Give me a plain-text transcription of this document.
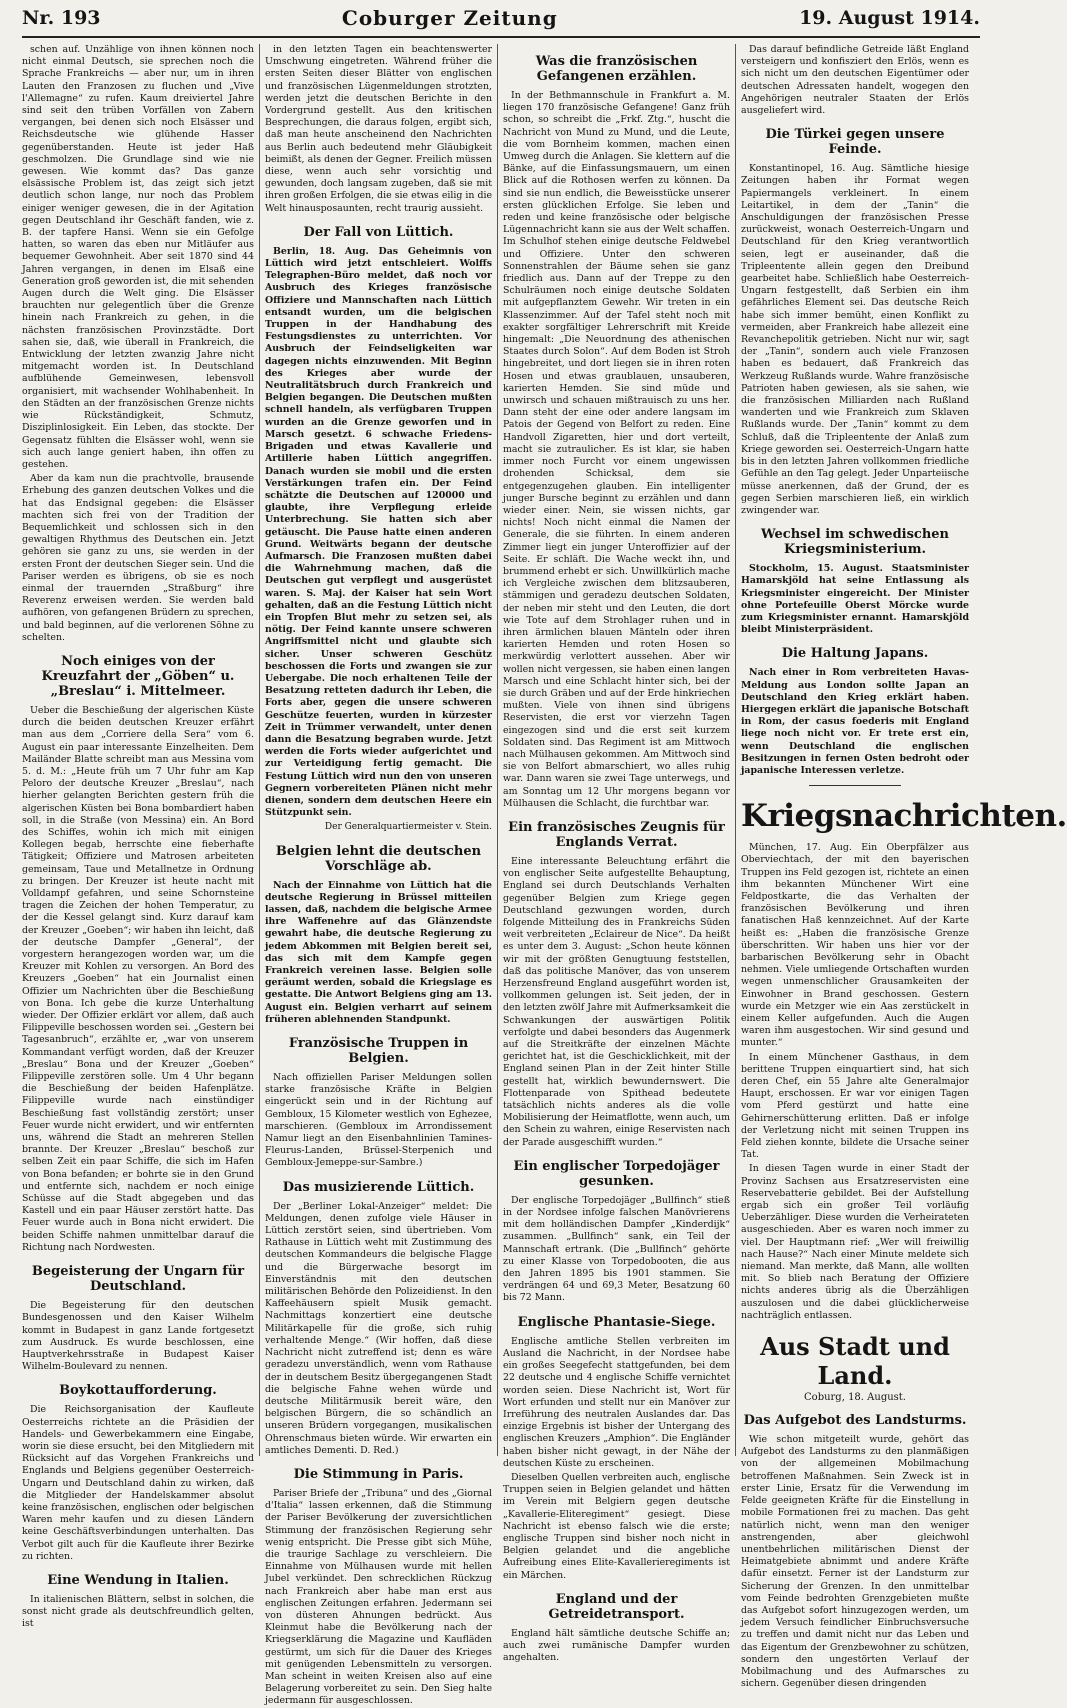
Nr. 193	Coburger Zeitung	19. August 1914.

schen auf. Unzählige von ihnen können noch nicht einmal Deutsch, sie sprechen noch die Sprache Frankreichs — aber nur, um in ihren Lauten den Franzosen zu fluchen und „Vive l'Allemagne“ zu rufen. Kaum dreiviertel Jahre sind seit den trüben Vorfällen von Zabern vergangen, bei denen sich noch Elsässer und Reichsdeutsche wie glühende Hasser gegenüberstanden. Heute ist jeder Haß geschmolzen. Die Grundlage sind wie nie gewesen. Wie kommt das? Das ganze elsässische Problem ist, das zeigt sich jetzt deutlich schon lange, nur noch das Problem einiger weniger gewesen, die in der Agitation gegen Deutschland ihr Geschäft fanden, wie z. B. der tapfere Hansi. Wenn sie ein Gefolge hatten, so waren das eben nur Mitläufer aus bequemer Gewohnheit. Aber seit 1870 sind 44 Jahren vergangen, in denen im Elsaß eine Generation groß geworden ist, die mit sehenden Augen durch die Welt ging. Die Elsässer brauchten nur gelegentlich über die Grenze hinein nach Frankreich zu gehen, in die nächsten französischen Provinzstädte. Dort sahen sie, daß, wie überall in Frankreich, die Entwicklung der letzten zwanzig Jahre nicht mitgemacht worden ist. In Deutschland aufblühende Gemeinwesen, lebensvoll organisiert, mit wachsender Wohlhabenheit. In den Städten an der französischen Grenze nichts wie Rückständigkeit, Schmutz, Disziplinlosigkeit. Ein Leben, das stockte. Der Gegensatz fühlten die Elsässer wohl, wenn sie sich auch lange geniert haben, ihn offen zu gestehen.

Aber da kam nun die prachtvolle, brausende Erhebung des ganzen deutschen Volkes und die hat das Endsignal gegeben: die Elsässer machten sich frei von der Tradition der Bequemlichkeit und schlossen sich in den gewaltigen Rhythmus des Deutschen ein. Jetzt gehören sie ganz zu uns, sie werden in der ersten Front der deutschen Sieger sein. Und die Pariser werden es übrigens, ob sie es noch einmal der trauernden „Straßburg“ ihre Reverenz erweisen werden. Sie werden bald aufhören, von gefangenen Brüdern zu sprechen, und bald beginnen, auf die verlorenen Söhne zu schelten.

Noch einiges von der Kreuzfahrt der „Göben“ u. „Breslau“ i. Mittelmeer.

Ueber die Beschießung der algerischen Küste durch die beiden deutschen Kreuzer erfährt man aus dem „Corriere della Sera“ vom 6. August ein paar interessante Einzelheiten. Dem Mailänder Blatte schreibt man aus Messina vom 5. d. M.: „Heute früh um 7 Uhr fuhr am Kap Peloro der deutsche Kreuzer „Breslau“, nach hierher gelangten Berichten gestern früh die algerischen Küsten bei Bona bombardiert haben soll, in die Straße (von Messina) ein. An Bord des Schiffes, wohin ich mich mit einigen Kollegen begab, herrschte eine fieberhafte Tätigkeit; Offiziere und Matrosen arbeiteten gemeinsam, Taue und Metallnetze in Ordnung zu bringen. Der Kreuzer ist heute nacht mit Volldampf gefahren, und seine Schornsteine tragen die Zeichen der hohen Temperatur, zu der die Kessel gelangt sind. Kurz darauf kam der Kreuzer „Goeben“; wir haben ihn leicht, daß der deutsche Dampfer „General“, der vorgestern herangezogen worden war, um die Kreuzer mit Kohlen zu versorgen. An Bord des Kreuzers „Goeben“ hat ein Journalist einen Offizier um Nachrichten über die Beschießung von Bona. Ich gebe die kurze Unterhaltung wieder. Der Offizier erklärt vor allem, daß auch Filippeville beschossen worden sei. „Gestern bei Tagesanbruch“, erzählte er, „war von unserem Kommandant verfügt worden, daß der Kreuzer „Breslau“ Bona und der Kreuzer „Goeben“ Filippeville zerstören solle. Um 4 Uhr begann die Beschießung der beiden Hafenplätze. Filippeville wurde nach einstündiger Beschießung fast vollständig zerstört; unser Feuer wurde nicht erwidert, und wir entfernten uns, während die Stadt an mehreren Stellen brannte. Der Kreuzer „Breslau“ beschoß zur selben Zeit ein paar Schiffe, die sich im Hafen von Bona befanden; er bohrte sie in den Grund und entfernte sich, nachdem er noch einige Schüsse auf die Stadt abgegeben und das Kastell und ein paar Häuser zerstört hatte. Das Feuer wurde auch in Bona nicht erwidert. Die beiden Schiffe nahmen unmittelbar darauf die Richtung nach Nordwesten.

Begeisterung der Ungarn für Deutschland.

Die Begeisterung für den deutschen Bundesgenossen und den Kaiser Wilhelm kommt in Budapest in ganz Lande fortgesetzt zum Ausdruck. Es wurde beschlossen, eine Hauptverkehrsstraße in Budapest Kaiser Wilhelm-Boulevard zu nennen.

Boykottaufforderung.

Die Reichsorganisation der Kaufleute Oesterreichs richtete an die Präsidien der Handels- und Gewerbekammern eine Eingabe, worin sie diese ersucht, bei den Mitgliedern mit Rücksicht auf das Vorgehen Frankreichs und Englands und Belgiens gegenüber Oesterreich-Ungarn und Deutschland dahin zu wirken, daß die Mitglieder der Handelskammer absolut keine französischen, englischen oder belgischen Waren mehr kaufen und zu diesen Ländern keine Geschäftsverbindungen unterhalten. Das Verbot gilt auch für die Kaufleute ihrer Bezirke zu richten.

Eine Wendung in Italien.

In italienischen Blättern, selbst in solchen, die sonst nicht grade als deutschfreundlich gelten, ist

in den letzten Tagen ein beachtenswerter Umschwung eingetreten. Während früher die ersten Seiten dieser Blätter von englischen und französischen Lügenmeldungen strotzten, werden jetzt die deutschen Berichte in den Vordergrund gestellt. Aus den kritischen Besprechungen, die daraus folgen, ergibt sich, daß man heute anscheinend den Nachrichten aus Berlin auch bedeutend mehr Gläubigkeit beimißt, als denen der Gegner. Freilich müssen diese, wenn auch sehr vorsichtig und gewunden, doch langsam zugeben, daß sie mit ihren großen Erfolgen, die sie etwas eilig in die Welt hinausposaunten, recht traurig aussieht.

Der Fall von Lüttich.

Berlin, 18. Aug. Das Geheimnis von Lüttich wird jetzt entschleiert. Wolffs Telegraphen-Büro meldet, daß noch vor Ausbruch des Krieges französische Offiziere und Mannschaften nach Lüttich entsandt wurden, um die belgischen Truppen in der Handhabung des Festungsdienstes zu unterrichten. Vor Ausbruch der Feindseligkeiten war dagegen nichts einzuwenden. Mit Beginn des Krieges aber wurde der Neutralitätsbruch durch Frankreich und Belgien begangen. Die Deutschen mußten schnell handeln, als verfügbaren Truppen wurden an die Grenze geworfen und in Marsch gesetzt. 6 schwache Friedens-Brigaden und etwas Kavallerie und Artillerie haben Lüttich angegriffen. Danach wurden sie mobil und die ersten Verstärkungen trafen ein. Der Feind schätzte die Deutschen auf 120000 und glaubte, ihre Verpflegung erleide Unterbrechung. Sie hatten sich aber getäuscht. Die Pause hatte einen anderen Grund. Weitwärts begann der deutsche Aufmarsch. Die Franzosen mußten dabei die Wahrnehmung machen, daß die Deutschen gut verpflegt und ausgerüstet waren. S. Maj. der Kaiser hat sein Wort gehalten, daß an die Festung Lüttich nicht ein Tropfen Blut mehr zu setzen sei, als nötig. Der Feind kannte unsere schweren Angriffsmittel nicht und glaubte sich sicher. Unser schweren Geschütz beschossen die Forts und zwangen sie zur Uebergabe. Die noch erhaltenen Teile der Besatzung retteten dadurch ihr Leben, die Forts aber, gegen die unsere schweren Geschütze feuerten, wurden in kürzester Zeit in Trümmer verwandelt, unter denen dann die Besatzung begraben wurde. Jetzt werden die Forts wieder aufgerichtet und zur Verteidigung fertig gemacht. Die Festung Lüttich wird nun den von unseren Gegnern vorbereiteten Plänen nicht mehr dienen, sondern dem deutschen Heere ein Stützpunkt sein.

Der Generalquartiermeister v. Stein.

Belgien lehnt die deutschen Vorschläge ab.

Nach der Einnahme von Lüttich hat die deutsche Regierung in Brüssel mitteilen lassen, daß, nachdem die belgische Armee ihre Waffenehre auf das Glänzendste gewahrt habe, die deutsche Regierung zu jedem Abkommen mit Belgien bereit sei, das sich mit dem Kampfe gegen Frankreich vereinen lasse. Belgien solle geräumt werden, sobald die Kriegslage es gestatte. Die Antwort Belgiens ging am 13. August ein. Belgien verharrt auf seinem früheren ablehnenden Standpunkt.

Französische Truppen in Belgien.

Nach offiziellen Pariser Meldungen sollen starke französische Kräfte in Belgien eingerückt sein und in der Richtung auf Gembloux, 15 Kilometer westlich von Eghezee, marschieren. (Gembloux im Arrondissement Namur liegt an den Eisenbahnlinien Tamines-Fleurus-Landen, Brüssel-Sterpenich und Gembloux-Jemeppe-sur-Sambre.)

Das musizierende Lüttich.

Der „Berliner Lokal-Anzeiger“ meldet: Die Meldungen, denen zufolge viele Häuser in Lüttich zerstört seien, sind übertrieben. Vom Rathause in Lüttich weht mit Zustimmung des deutschen Kommandeurs die belgische Flagge und die Bürgerwache besorgt im Einverständnis mit den deutschen militärischen Behörde den Polizeidienst. In den Kaffeehäusern spielt Musik gemacht. Nachmittags konzertiert eine deutsche Militärkapelle für die große, sich ruhig verhaltende Menge.“ (Wir hoffen, daß diese Nachricht nicht zutreffend ist; denn es wäre geradezu unverständlich, wenn vom Rathause der in deutschem Besitz übergegangenen Stadt die belgische Fahne wehen würde und deutsche Militärmusik bereit wäre, den belgischen Bürgern, die so schändlich an unseren Brüdern vorgegangen, musikalischen Ohrenschmaus bieten würde. Wir erwarten ein amtliches Dementi. D. Red.)

Die Stimmung in Paris.

Pariser Briefe der „Tribuna“ und des „Giornal d'Italia“ lassen erkennen, daß die Stimmung der Pariser Bevölkerung der zuversichtlichen Stimmung der französischen Regierung sehr wenig entspricht. Die Presse gibt sich Mühe, die traurige Sachlage zu verschleiern. Die Einnahme von Mülhausen wurde mit hellen Jubel verkündet. Den schrecklichen Rückzug nach Frankreich aber habe man erst aus englischen Zeitungen erfahren. Jedermann sei von düsteren Ahnungen bedrückt. Aus Kleinmut habe die Bevölkerung nach der Kriegserklärung die Magazine und Kaufläden gestürmt, um sich für die Dauer des Krieges mit genügenden Lebensmitteln zu versorgen. Man scheint in weiten Kreisen also auf eine Belagerung vorbereitet zu sein. Den Sieg halte jedermann für ausgeschlossen.

Was die französischen Gefangenen erzählen.

In der Bethmannschule in Frankfurt a. M. liegen 170 französische Gefangene! Ganz früh schon, so schreibt die „Frkf. Ztg.“, huscht die Nachricht von Mund zu Mund, und die Leute, die vom Bornheim kommen, machen einen Umweg durch die Anlagen. Sie klettern auf die Bänke, auf die Einfassungsmauern, um einen Blick auf die Rothosen werfen zu können. Da sind sie nun endlich, die Beweisstücke unserer ersten glücklichen Erfolge. Sie leben und reden und keine französische oder belgische Lügennachricht kann sie aus der Welt schaffen. Im Schulhof stehen einige deutsche Feldwebel und Offiziere. Unter den schweren Sonnenstrahlen der Bäume sehen sie ganz friedlich aus. Dann auf der Treppe zu den Schulräumen noch einige deutsche Soldaten mit aufgepflanztem Gewehr. Wir treten in ein Klassenzimmer. Auf der Tafel steht noch mit exakter sorgfältiger Lehrerschrift mit Kreide hingemalt: „Die Neuordnung des athenischen Staates durch Solon“. Auf dem Boden ist Stroh hingebreitet, und dort liegen sie in ihren roten Hosen und etwas graublauen, unsauberen, karierten Hemden. Sie sind müde und unwirsch und schauen mißtrauisch zu uns her. Dann steht der eine oder andere langsam im Patois der Gegend von Belfort zu reden. Eine Handvoll Zigaretten, hier und dort verteilt, macht sie zutraulicher. Es ist klar, sie haben immer noch Furcht vor einem ungewissen drohenden Schicksal, dem sie entgegenzugehen glauben. Ein intelligenter junger Bursche beginnt zu erzählen und dann wieder einer. Nein, sie wissen nichts, gar nichts! Noch nicht einmal die Namen der Generale, die sie führten. In einem anderen Zimmer liegt ein junger Unteroffizier auf der Seite. Er schläft. Die Wache weckt ihn, und brummend erhebt er sich. Unwillkürlich mache ich Vergleiche zwischen dem blitzsauberen, stämmigen und geradezu deutschen Soldaten, der neben mir steht und den Leuten, die dort wie Tote auf dem Strohlager ruhen und in ihren ärmlichen blauen Mänteln oder ihren karierten Hemden und roten Hosen so merkwürdig verlottert aussehen. Aber wir wollen nicht vergessen, sie haben einen langen Marsch und eine Schlacht hinter sich, bei der sie durch Gräben und auf der Erde hinkriechen mußten. Viele von ihnen sind übrigens Reservisten, die erst vor vierzehn Tagen eingezogen sind und die erst seit kurzem Soldaten sind. Das Regiment ist am Mittwoch nach Mülhausen gekommen. Am Mittwoch sind sie von Belfort abmarschiert, wo alles ruhig war. Dann waren sie zwei Tage unterwegs, und am Sonntag um 12 Uhr morgens begann vor Mülhausen die Schlacht, die furchtbar war.

Ein französisches Zeugnis für Englands Verrat.

Eine interessante Beleuchtung erfährt die von englischer Seite aufgestellte Behauptung, England sei durch Deutschlands Verhalten gegenüber Belgien zum Kriege gegen Deutschland gezwungen worden, durch folgende Mitteilung des in Frankreichs Süden weit verbreiteten „Eclaireur de Nice“. Da heißt es unter dem 3. August: „Schon heute können wir mit der größten Genugtuung feststellen, daß das politische Manöver, das von unserem Herzensfreund England ausgeführt worden ist, vollkommen gelungen ist. Seit jeden, der in den letzten zwölf Jahre mit Aufmerksamkeit die Schwankungen der auswärtigen Politik verfolgte und dabei besonders das Augenmerk auf die Streitkräfte der einzelnen Mächte gerichtet hat, ist die Geschicklichkeit, mit der England seinen Plan in der Zeit hinter Stille gestellt hat, wirklich bewundernswert. Die Flottenparade von Spithead bedeutete tatsächlich nichts anderes als die volle Mobilisierung der Heimatflotte, wenn auch, um den Schein zu wahren, einige Reservisten nach der Parade ausgeschifft wurden.“

Ein englischer Torpedojäger gesunken.

Der englische Torpedojäger „Bullfinch“ stieß in der Nordsee infolge falschen Manövrierens mit dem holländischen Dampfer „Kinderdijk“ zusammen. „Bullfinch“ sank, ein Teil der Mannschaft ertrank. (Die „Bullfinch“ gehörte zu einer Klasse von Torpedobooten, die aus den Jahren 1895 bis 1901 stammen. Sie verdrängen 64 und 69,3 Meter, Besatzung 60 bis 72 Mann.

Englische Phantasie-Siege.

Englische amtliche Stellen verbreiten im Ausland die Nachricht, in der Nordsee habe ein großes Seegefecht stattgefunden, bei dem 22 deutsche und 4 englische Schiffe vernichtet worden seien. Diese Nachricht ist, Wort für Wort erfunden und stellt nur ein Manöver zur Irreführung des neutralen Auslandes dar. Das einzige Ergebnis ist bisher der Untergang des englischen Kreuzers „Amphion“. Die Engländer haben bisher nicht gewagt, in der Nähe der deutschen Küste zu erscheinen.

Dieselben Quellen verbreiten auch, englische Truppen seien in Belgien gelandet und hätten im Verein mit Belgiern gegen deutsche „Kavallerie-Eliteregiment“ gesiegt. Diese Nachricht ist ebenso falsch wie die erste; englische Truppen sind bisher noch nicht in Belgien gelandet und die angebliche Aufreibung eines Elite-Kavallerieregiments ist ein Märchen.

England und der Getreidetransport.

England hält sämtliche deutsche Schiffe an; auch zwei rumänische Dampfer wurden angehalten.

Das darauf befindliche Getreide läßt England versteigern und konfisziert den Erlös, wenn es sich nicht um den deutschen Eigentümer oder deutschen Adressaten handelt, wogegen den Angehörigen neutraler Staaten der Erlös ausgeliefert wird.

Die Türkei gegen unsere Feinde.

Konstantinopel, 16. Aug. Sämtliche hiesige Zeitungen haben ihr Format wegen Papiermangels verkleinert. In einem Leitartikel, in dem der „Tanin“ die Anschuldigungen der französischen Presse zurückweist, wonach Oesterreich-Ungarn und Deutschland für den Krieg verantwortlich seien, legt er auseinander, daß die Tripleentente allein gegen den Dreibund gearbeitet habe. Schließlich habe Oesterreich-Ungarn festgestellt, daß Serbien ein ihm gefährliches Element sei. Das deutsche Reich habe sich immer bemüht, einen Konflikt zu vermeiden, aber Frankreich habe allezeit eine Revanchepolitik getrieben. Nicht nur wir, sagt der „Tanin“, sondern auch viele Franzosen haben es bedauert, daß Frankreich das Werkzeug Rußlands wurde. Wahre französische Patrioten haben gewiesen, als sie sahen, wie die französischen Milliarden nach Rußland wanderten und wie Frankreich zum Sklaven Rußlands wurde. Der „Tanin“ kommt zu dem Schluß, daß die Tripleentente der Anlaß zum Kriege geworden sei. Oesterreich-Ungarn hatte bis in den letzten Jahren vollkommen friedliche Gefühle an den Tag gelegt. Jeder Unparteiische müsse anerkennen, daß der Grund, der es gegen Serbien marschieren ließ, ein wirklich zwingender war.

Wechsel im schwedischen Kriegsministerium.

Stockholm, 15. August. Staatsminister Hamarskjöld hat seine Entlassung als Kriegsminister eingereicht. Der Minister ohne Portefeuille Oberst Mörcke wurde zum Kriegsminister ernannt. Hamarskjöld bleibt Ministerpräsident.

Die Haltung Japans.

Nach einer in Rom verbreiteten Havas-Meldung aus London sollte Japan an Deutschland den Krieg erklärt haben. Hiergegen erklärt die japanische Botschaft in Rom, der casus foederis mit England liege noch nicht vor. Er trete erst ein, wenn Deutschland die englischen Besitzungen in fernen Osten bedroht oder japanische Interessen verletze.

Kriegsnachrichten.

München, 17. Aug. Ein Oberpfälzer aus Oberviechtach, der mit den bayerischen Truppen ins Feld gezogen ist, richtete an einen ihm bekannten Münchener Wirt eine Feldpostkarte, die das Verhalten der französischen Bevölkerung und ihren fanatischen Haß kennzeichnet. Auf der Karte heißt es: „Haben die französische Grenze überschritten. Wir haben uns hier vor der barbarischen Bevölkerung sehr in Obacht nehmen. Viele umliegende Ortschaften wurden wegen unmenschlicher Grausamkeiten der Einwohner in Brand geschossen. Gestern wurde ein Metzger wie ein Aas zerstückelt in einem Keller aufgefunden. Auch die Augen waren ihm ausgestochen. Wir sind gesund und munter.“

In einem Münchener Gasthaus, in dem berittene Truppen einquartiert sind, hat sich deren Chef, ein 55 Jahre alte Generalmajor Haupt, erschossen. Er war vor einigen Tagen vom Pferd gestürzt und hatte eine Gehirnerschütterung erlitten. Daß er infolge der Verletzung nicht mit seinen Truppen ins Feld ziehen konnte, bildete die Ursache seiner Tat.

In diesen Tagen wurde in einer Stadt der Provinz Sachsen aus Ersatzreservisten eine Reservebatterie gebildet. Bei der Aufstellung ergab sich ein großer Teil vorläufig Ueberzähliger. Diese wurden die Verheirateten ausgeschieden. Aber es waren noch immer zu viel. Der Hauptmann rief: „Wer will freiwillig nach Hause?“ Nach einer Minute meldete sich niemand. Man merkte, daß Mann, alle wollten mit. So blieb nach Beratung der Offiziere nichts anderes übrig als die Überzähligen auszulosen und die dabei glücklicherweise nachträglich entlassen.

Aus Stadt und Land.
Coburg, 18. August.
Das Aufgebot des Landsturms.

Wie schon mitgeteilt wurde, gehört das Aufgebot des Landsturms zu den planmäßigen von der allgemeinen Mobilmachung betroffenen Maßnahmen. Sein Zweck ist in erster Linie, Ersatz für die Verwendung im Felde geeigneten Kräfte für die Einstellung in mobile Formationen frei zu machen. Das geht natürlich nicht, wenn man den weniger anstrengenden, aber gleichwohl unentbehrlichen militärischen Dienst der Heimatgebiete abnimmt und andere Kräfte dafür einsetzt. Ferner ist der Landsturm zur Sicherung der Grenzen. In den unmittelbar vom Feinde bedrohten Grenzgebieten mußte das Aufgebot sofort hinzugezogen werden, um jedem Versuch feindlicher Einbruchsversuche zu treffen und damit nicht nur das Leben und das Eigentum der Grenzbewohner zu schützen, sondern den ungestörten Verlauf der Mobilmachung und des Aufmarsches zu sichern. Gegenüber diesen dringenden
